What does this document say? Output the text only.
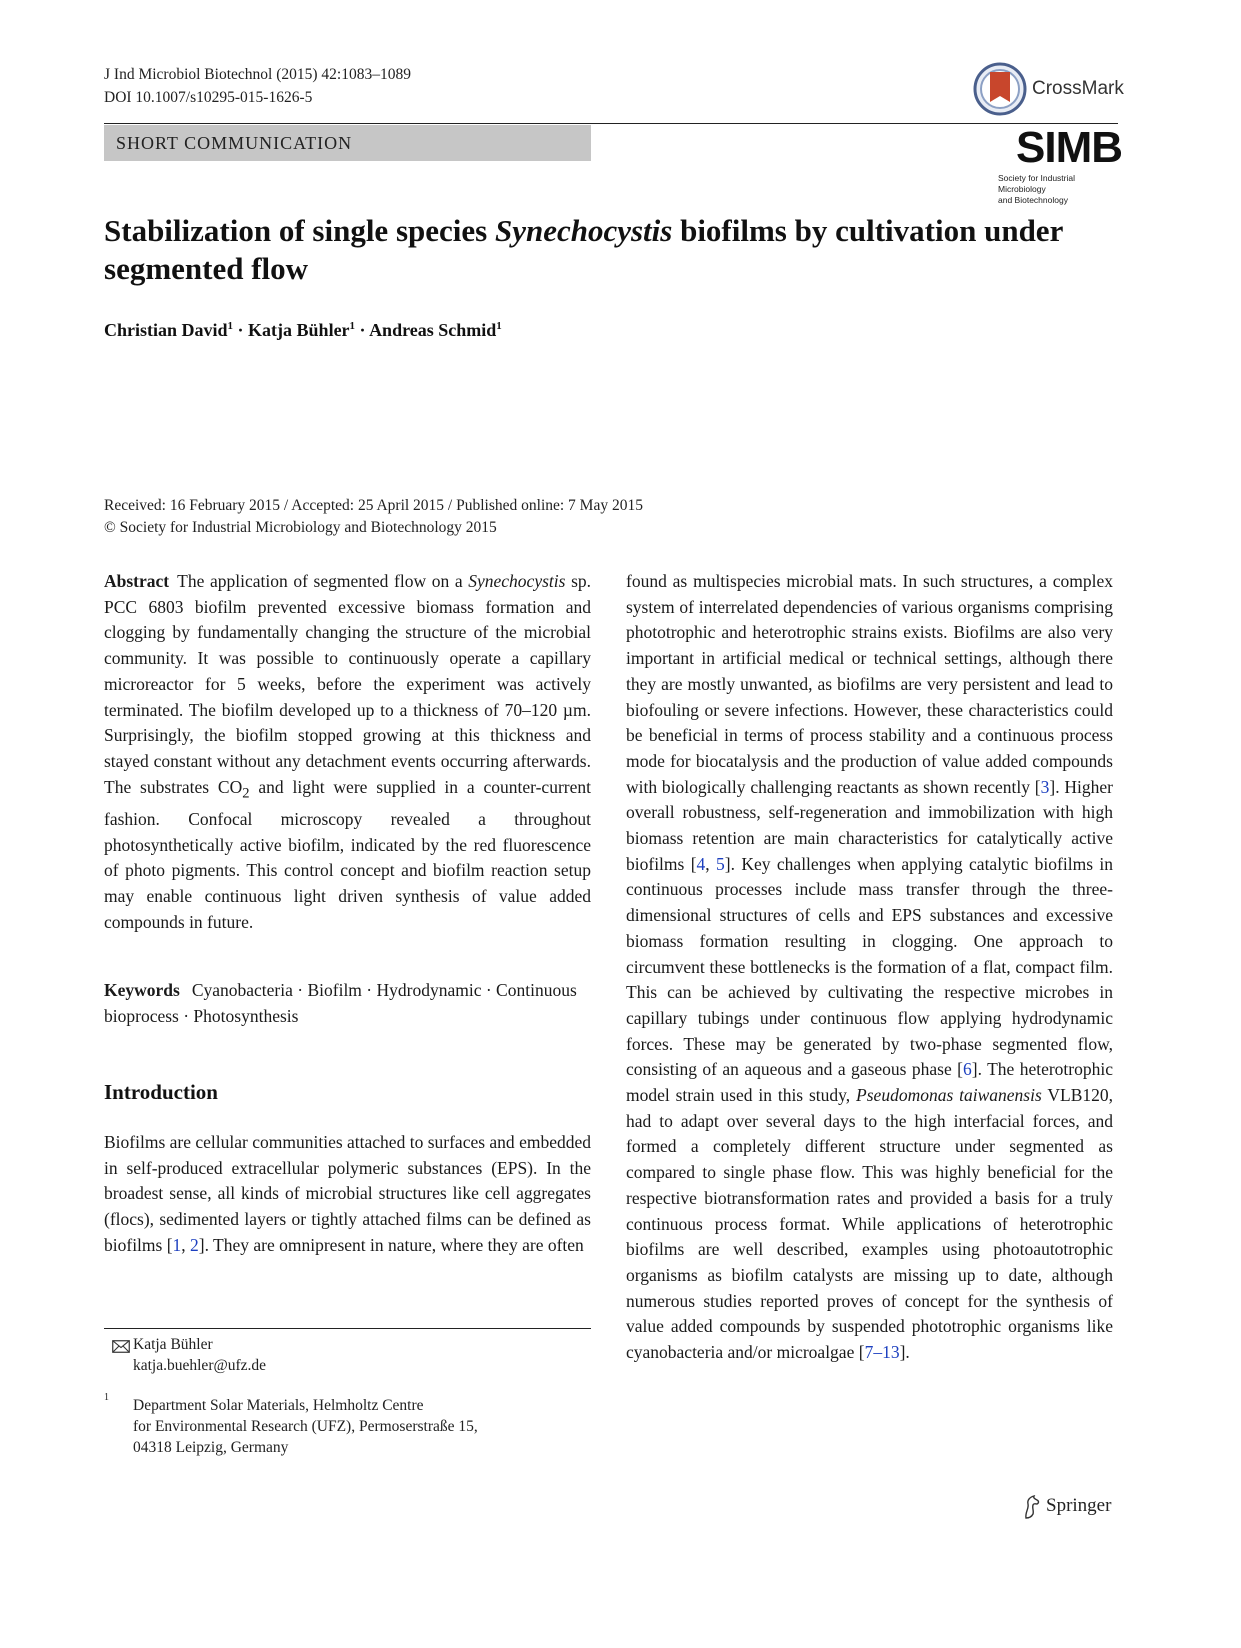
J Ind Microbiol Biotechnol (2015) 42:1083–1089
DOI 10.1007/s10295-015-1626-5	CrossMark
SHORT COMMUNICATION	SIMB
Society for Industrial Microbiology
and Biotechnology
Stabilization of single species Synechocystis biofilms by cultivation under segmented flow
Christian David$^1$ · Katja Bühler$^1$ · Andreas Schmid$^1$
Received: 16 February 2015 / Accepted: 25 April 2015 / Published online: 7 May 2015
© Society for Industrial Microbiology and Biotechnology 2015

Abstract The application of segmented flow on a Synechocystis sp. PCC 6803 biofilm prevented excessive biomass formation and clogging by fundamentally changing the structure of the microbial community. It was possible to continuously operate a capillary microreactor for 5 weeks, before the experiment was actively terminated. The biofilm developed up to a thickness of 70–120 µm. Surprisingly, the biofilm stopped growing at this thickness and stayed constant without any detachment events occurring afterwards. The substrates $CO_2$ and light were supplied in a counter-current fashion. Confocal microscopy revealed a throughout photosynthetically active biofilm, indicated by the red fluorescence of photo pigments. This control concept and biofilm reaction setup may enable continuous light driven synthesis of value added compounds in future.

Keywords Cyanobacteria · Biofilm · Hydrodynamic · Continuous bioprocess · Photosynthesis

Introduction

Biofilms are cellular communities attached to surfaces and embedded in self-produced extracellular polymeric substances (EPS). In the broadest sense, all kinds of microbial structures like cell aggregates (flocs), sedimented layers or tightly attached films can be defined as biofilms [1, 2]. They are omnipresent in nature, where they are often

Katja Bühler
katja.buehler@ufz.de
1 Department Solar Materials, Helmholtz Centre
for Environmental Research (UFZ), Permoserstraße 15,
04318 Leipzig, Germany

found as multispecies microbial mats. In such structures, a complex system of interrelated dependencies of various organisms comprising phototrophic and heterotrophic strains exists. Biofilms are also very important in artificial medical or technical settings, although there they are mostly unwanted, as biofilms are very persistent and lead to biofouling or severe infections. However, these characteristics could be beneficial in terms of process stability and a continuous process mode for biocatalysis and the production of value added compounds with biologically challenging reactants as shown recently [3]. Higher overall robustness, self-regeneration and immobilization with high biomass retention are main characteristics for catalytically active biofilms [4, 5]. Key challenges when applying catalytic biofilms in continuous processes include mass transfer through the three-dimensional structures of cells and EPS substances and excessive biomass formation resulting in clogging. One approach to circumvent these bottlenecks is the formation of a flat, compact film. This can be achieved by cultivating the respective microbes in capillary tubings under continuous flow applying hydrodynamic forces. These may be generated by two-phase segmented flow, consisting of an aqueous and a gaseous phase [6]. The heterotrophic model strain used in this study, Pseudomonas taiwanensis VLB120, had to adapt over several days to the high interfacial forces, and formed a completely different structure under segmented as compared to single phase flow. This was highly beneficial for the respective biotransformation rates and provided a basis for a truly continuous process format. While applications of heterotrophic biofilms are well described, examples using photoautotrophic organisms as biofilm catalysts are missing up to date, although numerous studies reported proves of concept for the synthesis of value added compounds by suspended phototrophic organisms like cyanobacteria and/or microalgae [7–13].

Springer
